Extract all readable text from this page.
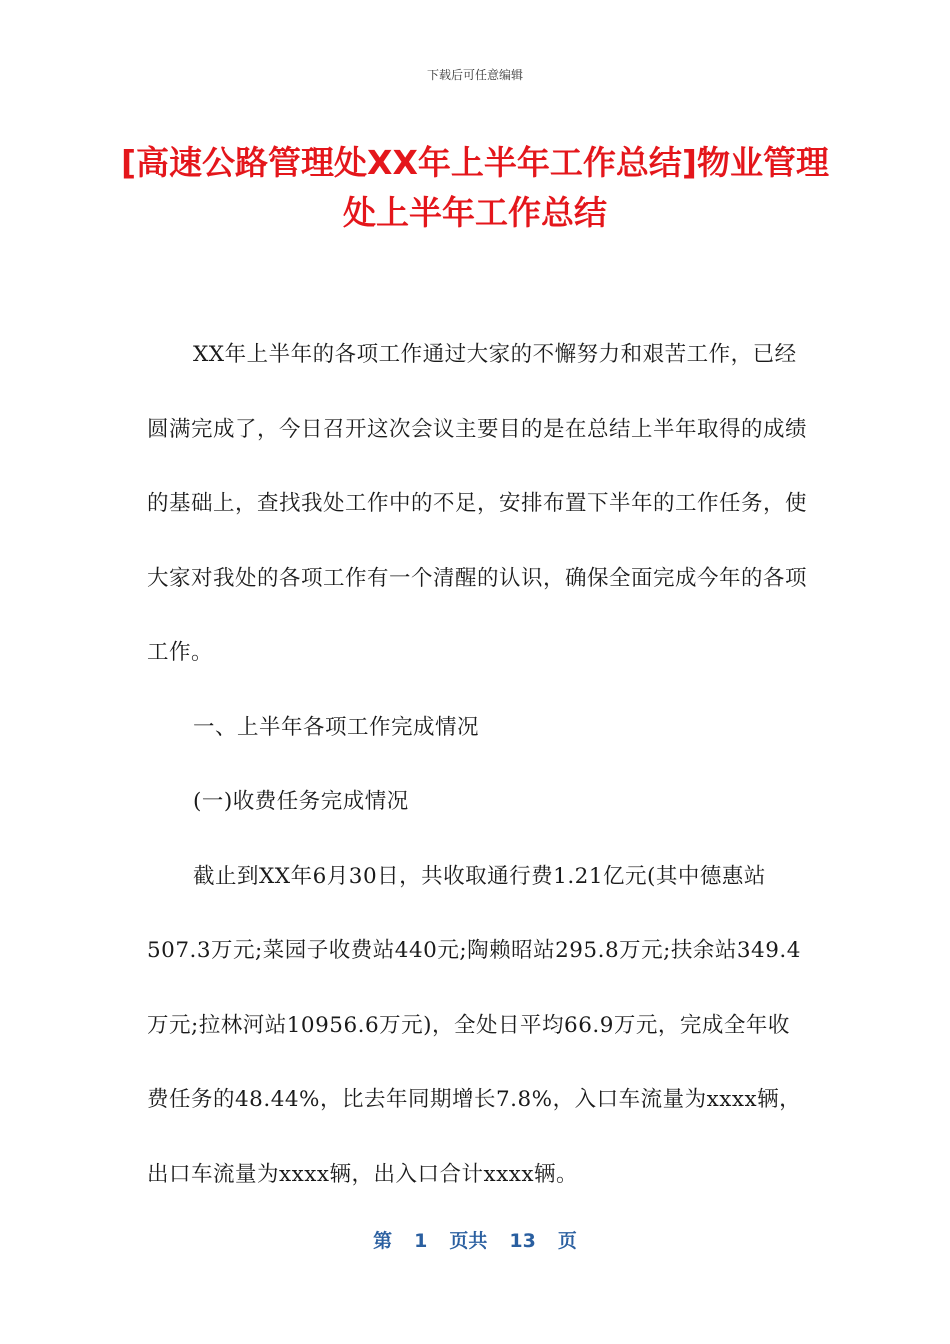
下载后可任意编辑
[高速公路管理处XX年上半年工作总结]物业管理处上半年工作总结

XX年上半年的各项工作通过大家的不懈努力和艰苦工作，已经圆满完成了，今日召开这次会议主要目的是在总结上半年取得的成绩的基础上，查找我处工作中的不足，安排布置下半年的工作任务，使大家对我处的各项工作有一个清醒的认识，确保全面完成今年的各项工作。

一、上半年各项工作完成情况

(一)收费任务完成情况

截止到XX年6月30日，共收取通行费1.21亿元(其中德惠站507.3万元;菜园子收费站440元;陶赖昭站295.8万元;扶余站349.4万元;拉林河站10956.6万元)，全处日平均66.9万元，完成全年收费任务的48.44%，比去年同期增长7.8%，入口车流量为xxxx辆，出口车流量为xxxx辆，出入口合计xxxx辆。

第 1 页共 13 页
